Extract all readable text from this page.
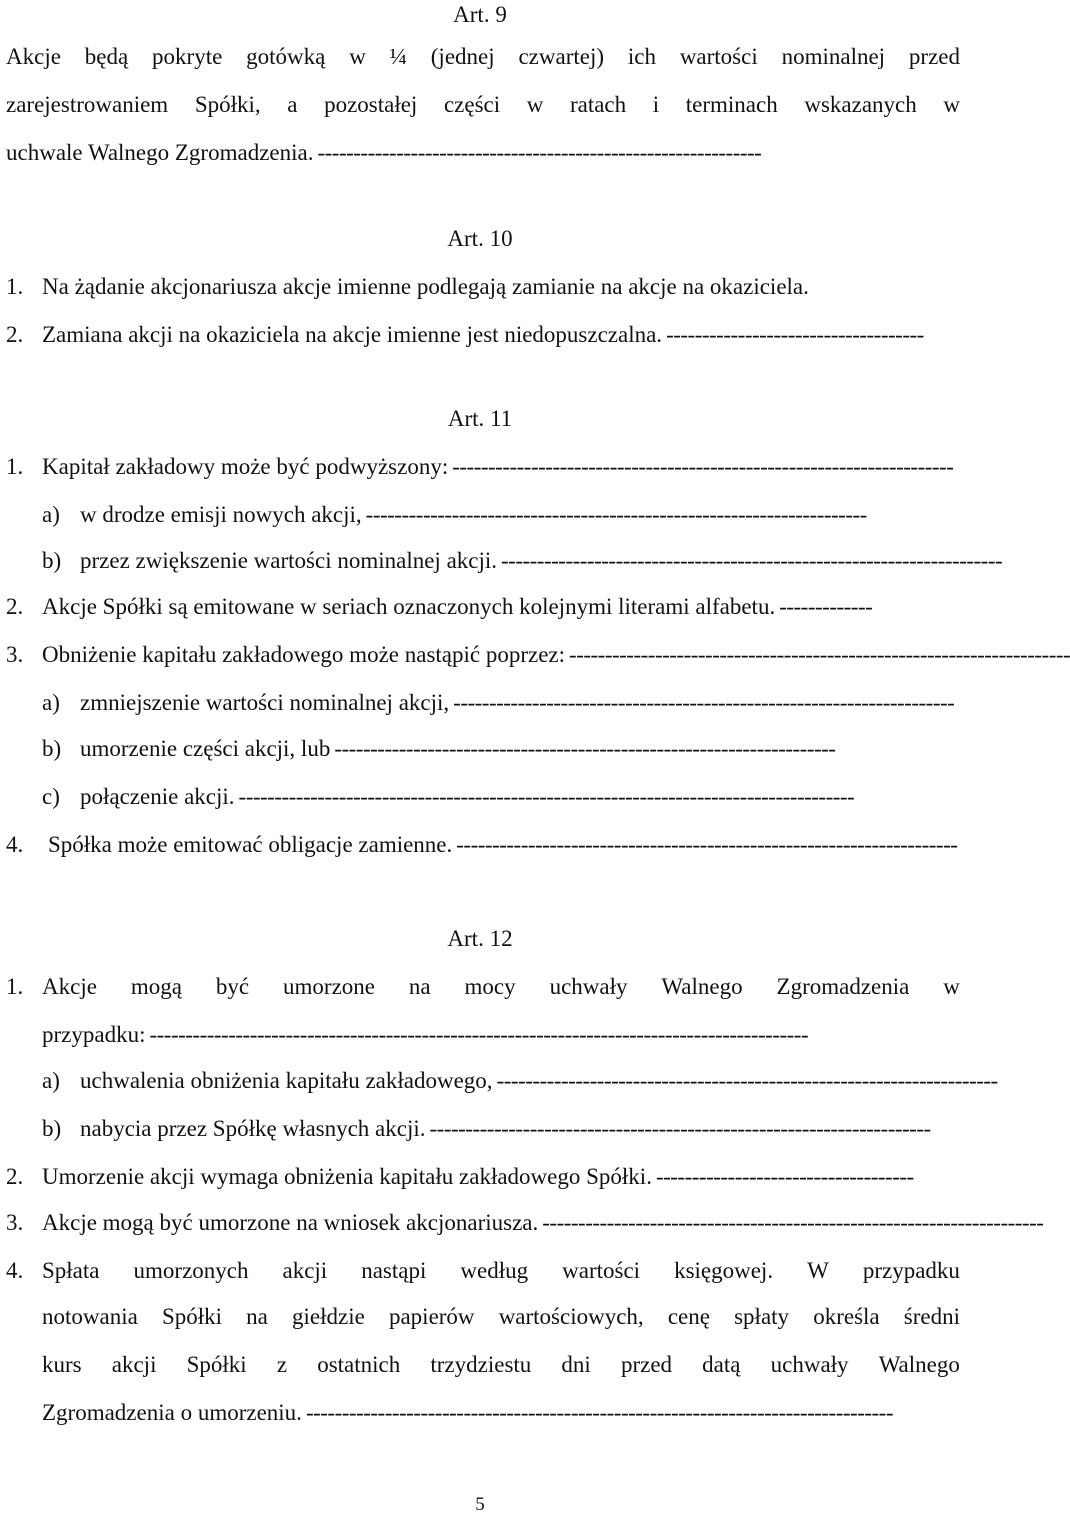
Art. 9
Akcje będą pokryte gotówką w ¼ (jednej czwartej) ich wartości nominalnej przed
zarejestrowaniem Spółki, a pozostałej części w ratach i terminach wskazanych w
uchwale Walnego Zgromadzenia. --------------------------------------------------------------
Art. 10
1. Na żądanie akcjonariusza akcje imienne podlegają zamianie na akcje na okaziciela.
2. Zamiana akcji na okaziciela na akcje imienne jest niedopuszczalna. ------------------------------------
Art. 11
1. Kapitał zakładowy może być podwyższony: ----------------------------------------------------------------------
a) w drodze emisji nowych akcji, ----------------------------------------------------------------------
b) przez zwiększenie wartości nominalnej akcji. ----------------------------------------------------------------------
2. Akcje Spółki są emitowane w seriach oznaczonych kolejnymi literami alfabetu. -------------
3. Obniżenie kapitału zakładowego może nastąpić poprzez: ----------------------------------------------------------------------
a) zmniejszenie wartości nominalnej akcji, ----------------------------------------------------------------------
b) umorzenie części akcji, lub ----------------------------------------------------------------------
c) połączenie akcji. --------------------------------------------------------------------------------------
4.	Spółka może emitować obligacje zamienne. ----------------------------------------------------------------------
Art. 12
1. Akcje mogą być umorzone na mocy uchwały Walnego Zgromadzenia w
przypadku: --------------------------------------------------------------------------------------------
a) uchwalenia obniżenia kapitału zakładowego, ----------------------------------------------------------------------
b) nabycia przez Spółkę własnych akcji. ----------------------------------------------------------------------
2. Umorzenie akcji wymaga obniżenia kapitału zakładowego Spółki. ------------------------------------
3. Akcje mogą być umorzone na wniosek akcjonariusza. ----------------------------------------------------------------------
4. Spłata umorzonych akcji nastąpi według wartości księgowej. W przypadku
notowania Spółki na giełdzie papierów wartościowych, cenę spłaty określa średni
kurs akcji Spółki z ostatnich trzydziestu dni przed datą uchwały Walnego
Zgromadzenia o umorzeniu. ----------------------------------------------------------------------------------
5
